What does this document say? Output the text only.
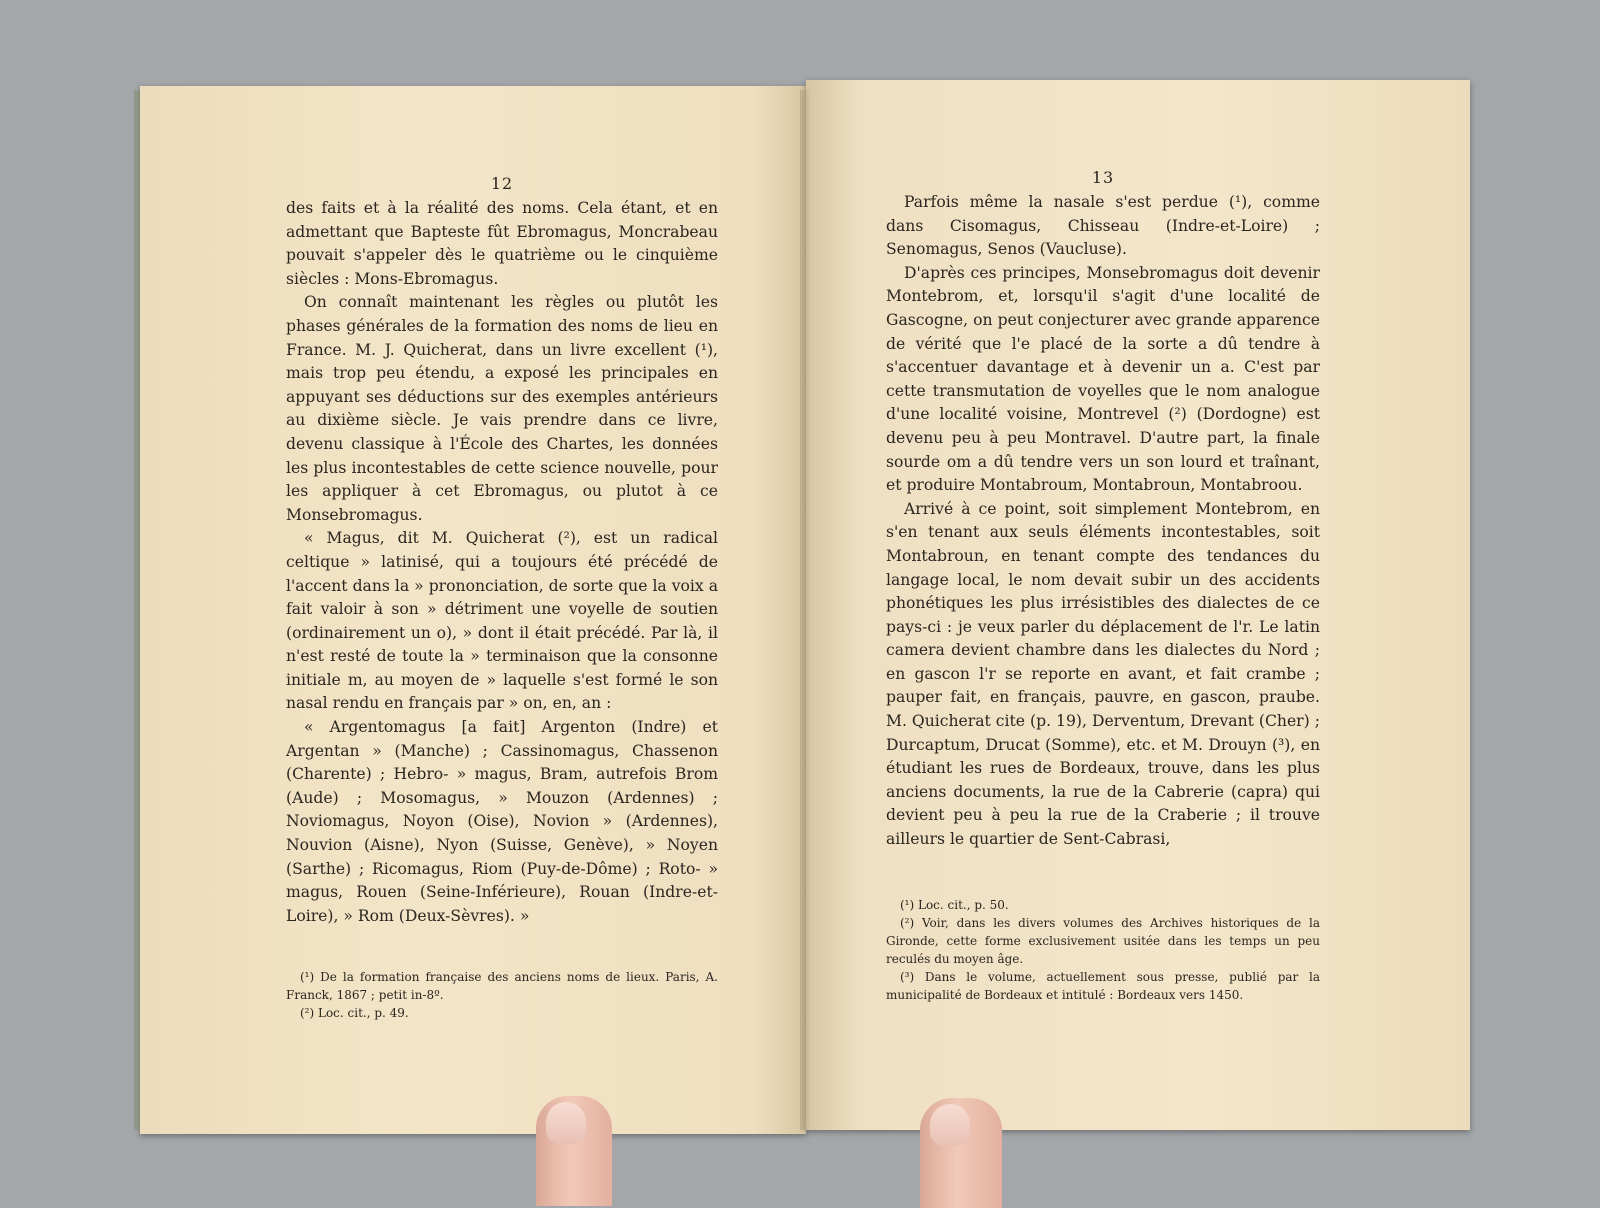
12

des faits et à la réalité des noms. Cela étant, et en admettant que Bapteste fût Ebromagus, Moncrabeau pouvait s'appeler dès le quatrième ou le cinquième siècles : Mons-Ebromagus.

On connaît maintenant les règles ou plutôt les phases générales de la formation des noms de lieu en France. M. J. Quicherat, dans un livre excellent (¹), mais trop peu étendu, a exposé les principales en appuyant ses déductions sur des exemples antérieurs au dixième siècle. Je vais prendre dans ce livre, devenu classique à l'École des Chartes, les données les plus incontestables de cette science nouvelle, pour les appliquer à cet Ebromagus, ou plutot à ce Monsebromagus.

« Magus, dit M. Quicherat (²), est un radical celtique » latinisé, qui a toujours été précédé de l'accent dans la » prononciation, de sorte que la voix a fait valoir à son » détriment une voyelle de soutien (ordinairement un o), » dont il était précédé. Par là, il n'est resté de toute la » terminaison que la consonne initiale m, au moyen de » laquelle s'est formé le son nasal rendu en français par » on, en, an :

« Argentomagus [a fait] Argenton (Indre) et Argentan » (Manche) ; Cassinomagus, Chassenon (Charente) ; Hebro- » magus, Bram, autrefois Brom (Aude) ; Mosomagus, » Mouzon (Ardennes) ; Noviomagus, Noyon (Oise), Novion » (Ardennes), Nouvion (Aisne), Nyon (Suisse, Genève), » Noyen (Sarthe) ; Ricomagus, Riom (Puy-de-Dôme) ; Roto- » magus, Rouen (Seine-Inférieure), Rouan (Indre-et-Loire), » Rom (Deux-Sèvres). »

(¹) De la formation française des anciens noms de lieux. Paris, A. Franck, 1867 ; petit in-8º.

(²) Loc. cit., p. 49.

13

Parfois même la nasale s'est perdue (¹), comme dans Cisomagus, Chisseau (Indre-et-Loire) ; Senomagus, Senos (Vaucluse).

D'après ces principes, Monsebromagus doit devenir Montebrom, et, lorsqu'il s'agit d'une localité de Gascogne, on peut conjecturer avec grande apparence de vérité que l'e placé de la sorte a dû tendre à s'accentuer davantage et à devenir un a. C'est par cette transmutation de voyelles que le nom analogue d'une localité voisine, Montrevel (²) (Dordogne) est devenu peu à peu Montravel. D'autre part, la finale sourde om a dû tendre vers un son lourd et traînant, et produire Montabroum, Montabroun, Montabroou.

Arrivé à ce point, soit simplement Montebrom, en s'en tenant aux seuls éléments incontestables, soit Montabroun, en tenant compte des tendances du langage local, le nom devait subir un des accidents phonétiques les plus irrésistibles des dialectes de ce pays-ci : je veux parler du déplacement de l'r. Le latin camera devient chambre dans les dialectes du Nord ; en gascon l'r se reporte en avant, et fait crambe ; pauper fait, en français, pauvre, en gascon, praube. M. Quicherat cite (p. 19), Derventum, Drevant (Cher) ; Durcaptum, Drucat (Somme), etc. et M. Drouyn (³), en étudiant les rues de Bordeaux, trouve, dans les plus anciens documents, la rue de la Cabrerie (capra) qui devient peu à peu la rue de la Craberie ; il trouve ailleurs le quartier de Sent-Cabrasi,

(¹) Loc. cit., p. 50.

(²) Voir, dans les divers volumes des Archives historiques de la Gironde, cette forme exclusivement usitée dans les temps un peu reculés du moyen âge.

(³) Dans le volume, actuellement sous presse, publié par la municipalité de Bordeaux et intitulé : Bordeaux vers 1450.
